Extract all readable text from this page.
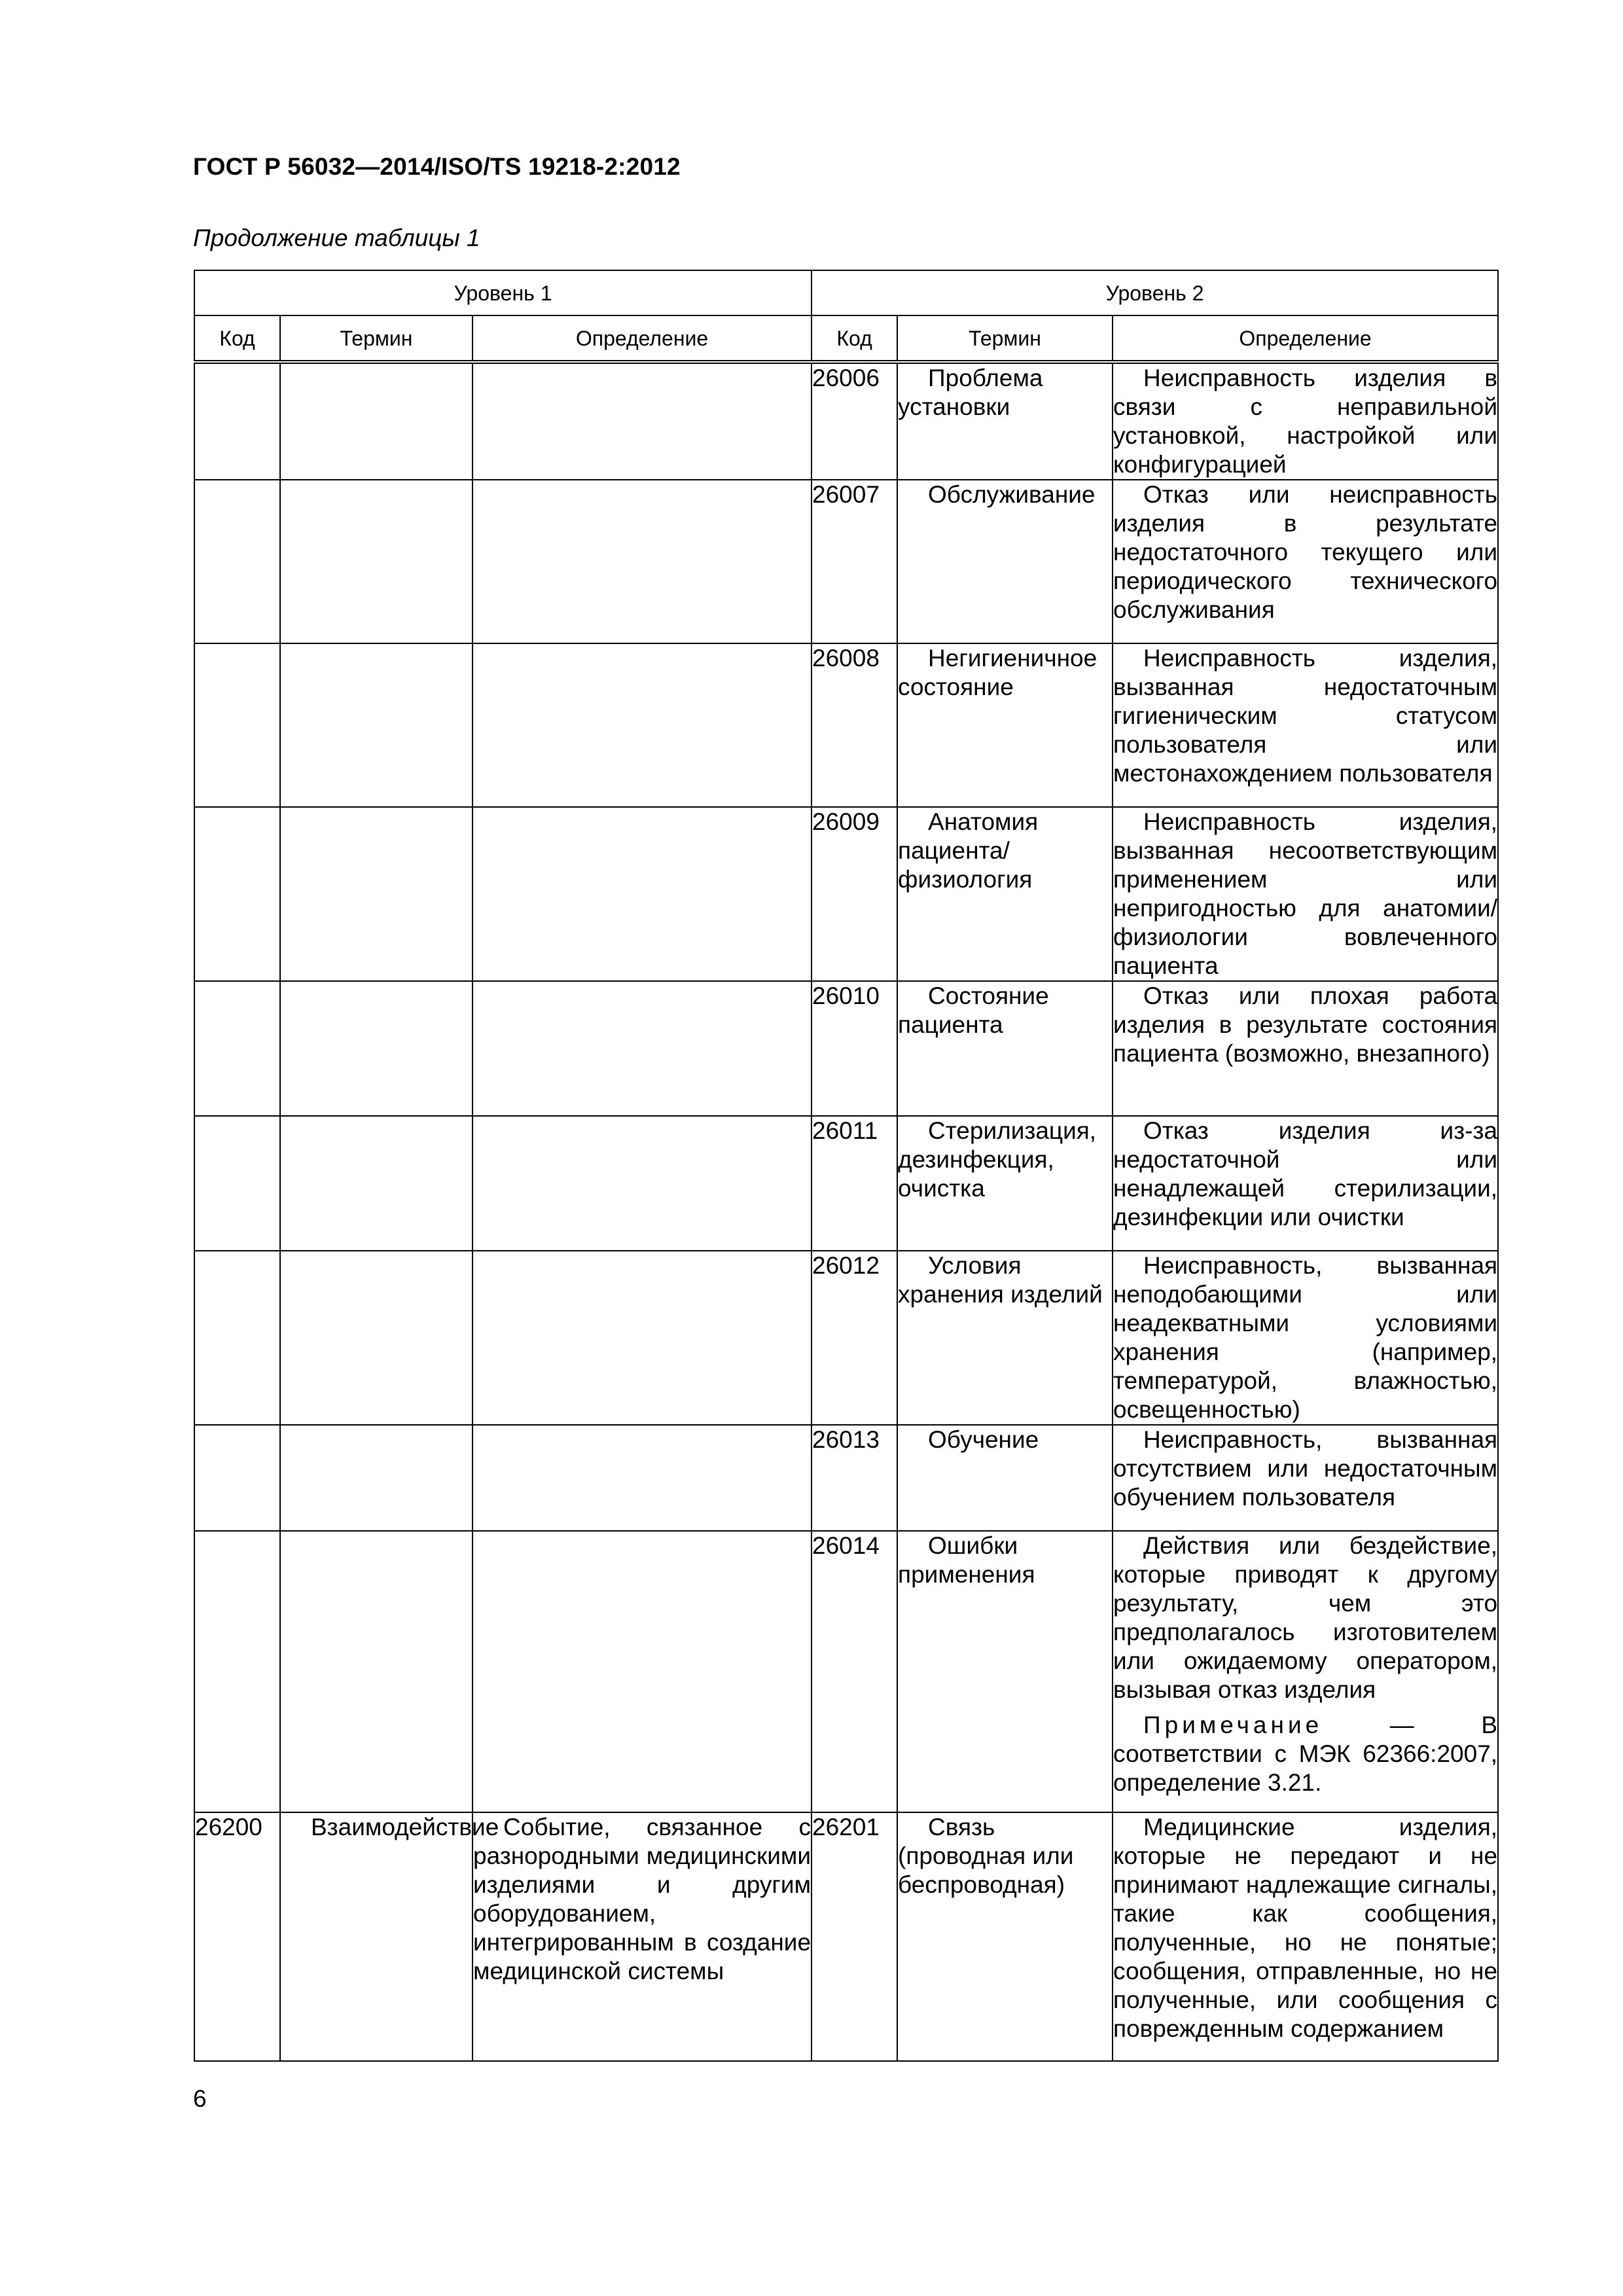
ГОСТ Р 56032—2014/ISO/TS 19218-2:2012
Продолжение таблицы 1
Уровень 1			Уровень 2		
Код	Термин	Определение	Код	Термин	Определение
			26006	Проблема установки	Неисправность изделия в связи с неправильной установкой, настройкой или конфигурацией
			26007	Обслуживание	Отказ или неисправность изделия в результате недостаточного текущего или периодического технического обслуживания
			26008	Негигиеничное состояние	Неисправность изделия, вызванная недостаточным гигиеническим статусом пользователя или местонахождением пользователя
			26009	Анатомия пациента/физиология	Неисправность изделия, вызванная несоответствующим применением или непригодностью для анатомии/физиологии вовлеченного пациента
			26010	Состояние пациента	Отказ или плохая работа изделия в результате состояния пациента (возможно, внезапного)
			26011	Стерилизация, дезинфекция, очистка	Отказ изделия из-за недостаточной или ненадлежащей стерилизации, дезинфекции или очистки
			26012	Условия хранения изделий	Неисправность, вызванная неподобающими или неадекватными условиями хранения (например, температурой, влажностью, освещенностью)
			26013	Обучение	Неисправность, вызванная отсутствием или недостаточным обучением пользователя
			26014	Ошибки применения	Действия или бездействие, которые приводят к другому результату, чем это предполагалось изготовителем или ожидаемому оператором, вызывая отказ изделия
Примечание — В соответствии с МЭК 62366:2007, определение 3.21.

26200	Взаимодействие	Событие, связанное с разнородными медицинскими изделиями и другим оборудованием, интегрированным в создание медицинской системы	26201	Связь (проводная или беспроводная)	Медицинские изделия, которые не передают и не принимают надлежащие сигналы, такие как сообщения, полученные, но не понятые; сообщения, отправленные, но не полученные, или сообщения с поврежденным содержанием
6
